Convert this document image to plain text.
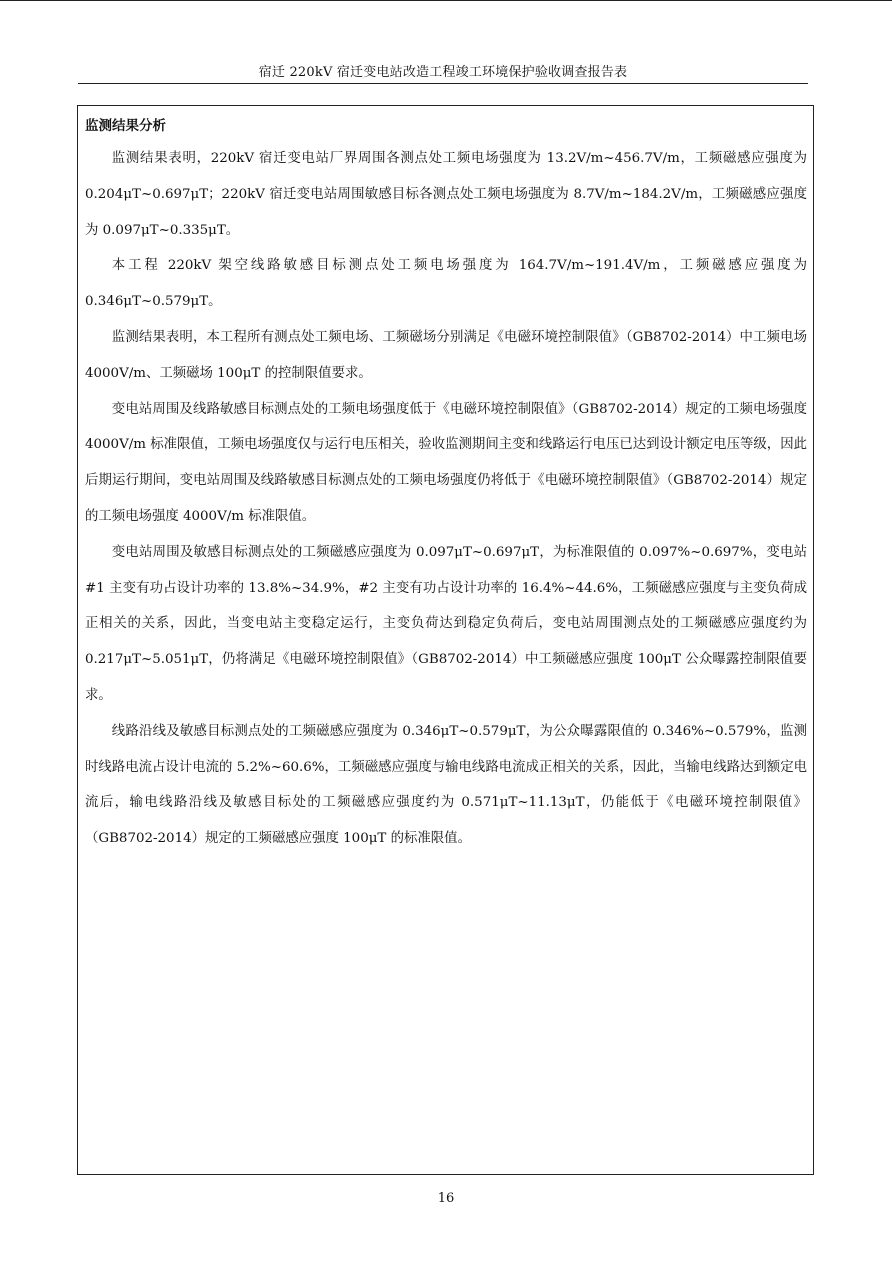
宿迁 220kV 宿迁变电站改造工程竣工环境保护验收调查报告表
监测结果分析

监测结果表明，220kV 宿迁变电站厂界周围各测点处工频电场强度为 13.2V/m~456.7V/m，工频磁感应强度为 0.204μT~0.697μT；220kV 宿迁变电站周围敏感目标各测点处工频电场强度为 8.7V/m~184.2V/m，工频磁感应强度为 0.097μT~0.335μT。

本工程 220kV 架空线路敏感目标测点处工频电场强度为 164.7V/m~191.4V/m，工频磁感应强度为 0.346μT~0.579μT。

监测结果表明，本工程所有测点处工频电场、工频磁场分别满足《电磁环境控制限值》（GB8702-2014）中工频电场 4000V/m、工频磁场 100μT 的控制限值要求。

变电站周围及线路敏感目标测点处的工频电场强度低于《电磁环境控制限值》（GB8702-2014）规定的工频电场强度 4000V/m 标准限值，工频电场强度仅与运行电压相关，验收监测期间主变和线路运行电压已达到设计额定电压等级，因此后期运行期间，变电站周围及线路敏感目标测点处的工频电场强度仍将低于《电磁环境控制限值》（GB8702-2014）规定的工频电场强度 4000V/m 标准限值。

变电站周围及敏感目标测点处的工频磁感应强度为 0.097μT~0.697μT，为标准限值的 0.097%~0.697%，变电站#1 主变有功占设计功率的 13.8%~34.9%，#2 主变有功占设计功率的 16.4%~44.6%，工频磁感应强度与主变负荷成正相关的关系，因此，当变电站主变稳定运行，主变负荷达到稳定负荷后，变电站周围测点处的工频磁感应强度约为 0.217μT~5.051μT，仍将满足《电磁环境控制限值》（GB8702-2014）中工频磁感应强度 100μT 公众曝露控制限值要求。

线路沿线及敏感目标测点处的工频磁感应强度为 0.346μT~0.579μT，为公众曝露限值的 0.346%~0.579%，监测时线路电流占设计电流的 5.2%~60.6%，工频磁感应强度与输电线路电流成正相关的关系，因此，当输电线路达到额定电流后，输电线路沿线及敏感目标处的工频磁感应强度约为 0.571μT~11.13μT，仍能低于《电磁环境控制限值》（GB8702-2014）规定的工频磁感应强度 100μT 的标准限值。

16
